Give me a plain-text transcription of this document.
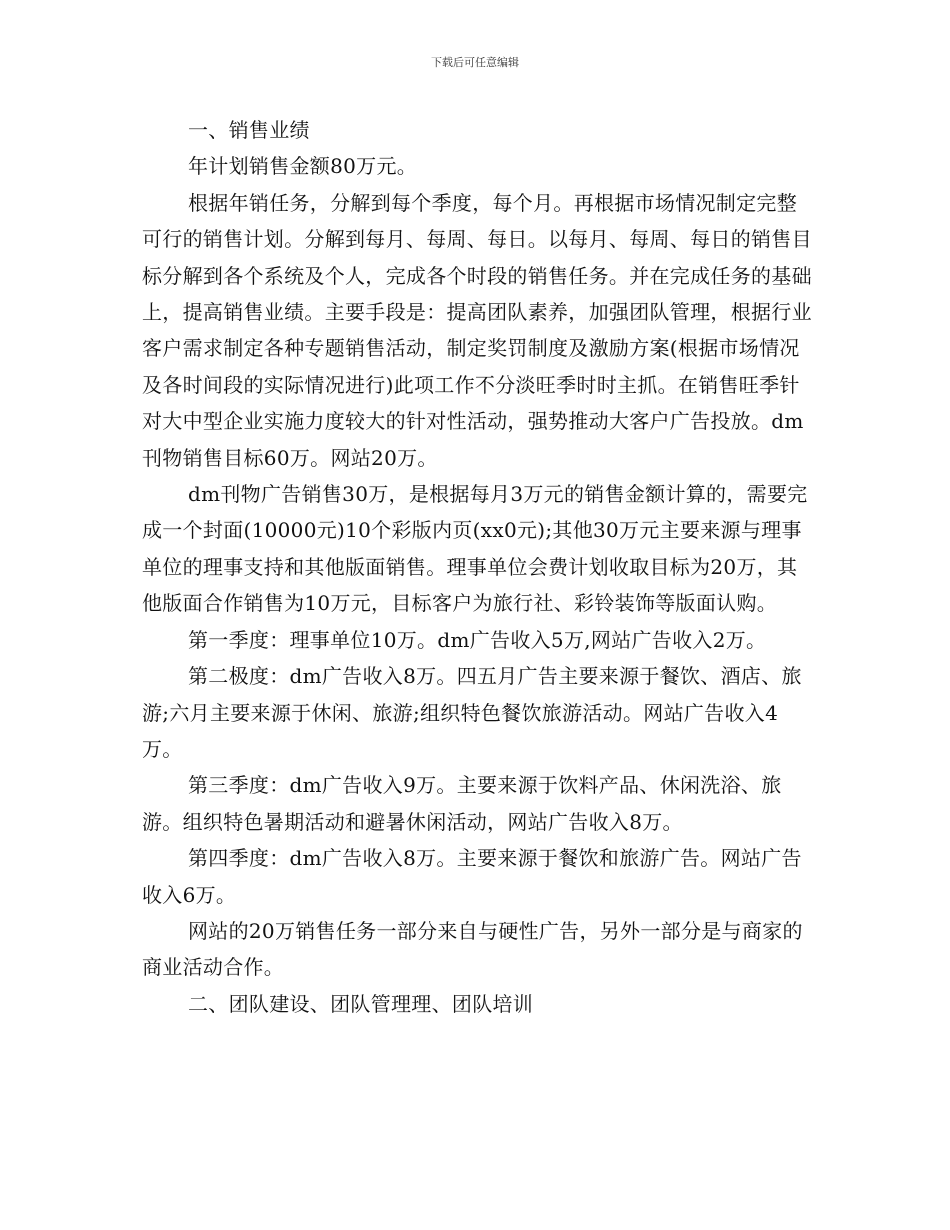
下载后可任意编辑

一、销售业绩

年计划销售金额80万元。

根据年销任务，分解到每个季度，每个月。再根据市场情况制定完整可行的销售计划。分解到每月、每周、每日。以每月、每周、每日的销售目标分解到各个系统及个人，完成各个时段的销售任务。并在完成任务的基础上，提高销售业绩。主要手段是：提高团队素养，加强团队管理，根据行业客户需求制定各种专题销售活动，制定奖罚制度及激励方案(根据市场情况及各时间段的实际情况进行)此项工作不分淡旺季时时主抓。在销售旺季针对大中型企业实施力度较大的针对性活动，强势推动大客户广告投放。dm刊物销售目标60万。网站20万。

dm刊物广告销售30万，是根据每月3万元的销售金额计算的，需要完成一个封面(10000元)10个彩版内页(xx0元);其他30万元主要来源与理事单位的理事支持和其他版面销售。理事单位会费计划收取目标为20万，其他版面合作销售为10万元，目标客户为旅行社、彩铃装饰等版面认购。

第一季度：理事单位10万。dm广告收入5万,网站广告收入2万。

第二极度：dm广告收入8万。四五月广告主要来源于餐饮、酒店、旅游;六月主要来源于休闲、旅游;组织特色餐饮旅游活动。网站广告收入4万。

第三季度：dm广告收入9万。主要来源于饮料产品、休闲洗浴、旅游。组织特色暑期活动和避暑休闲活动，网站广告收入8万。

第四季度：dm广告收入8万。主要来源于餐饮和旅游广告。网站广告收入6万。

网站的20万销售任务一部分来自与硬性广告，另外一部分是与商家的商业活动合作。

二、团队建设、团队管理理、团队培训
